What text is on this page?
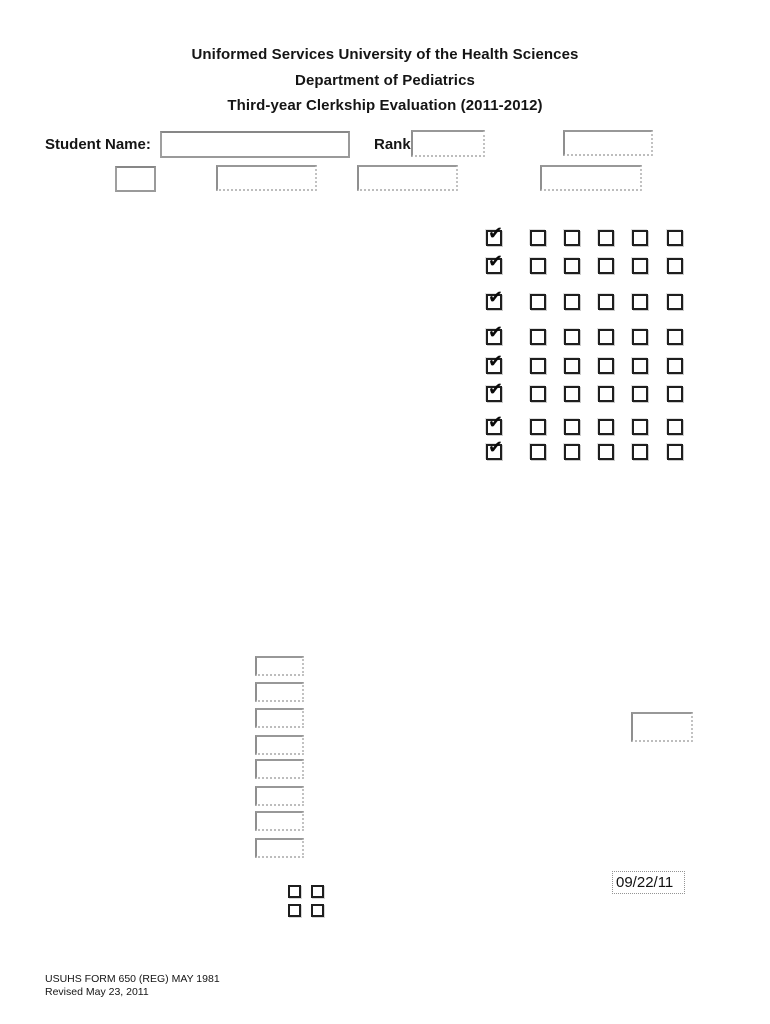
Uniformed Services University of the Health Sciences
Department of Pediatrics
Third-year Clerkship Evaluation (2011-2012)
Student Name:	Rank
✔
✔
✔
✔
✔
✔
✔
✔
09/22/11
USUHS FORM 650 (REG) MAY 1981
Revised May 23, 2011
